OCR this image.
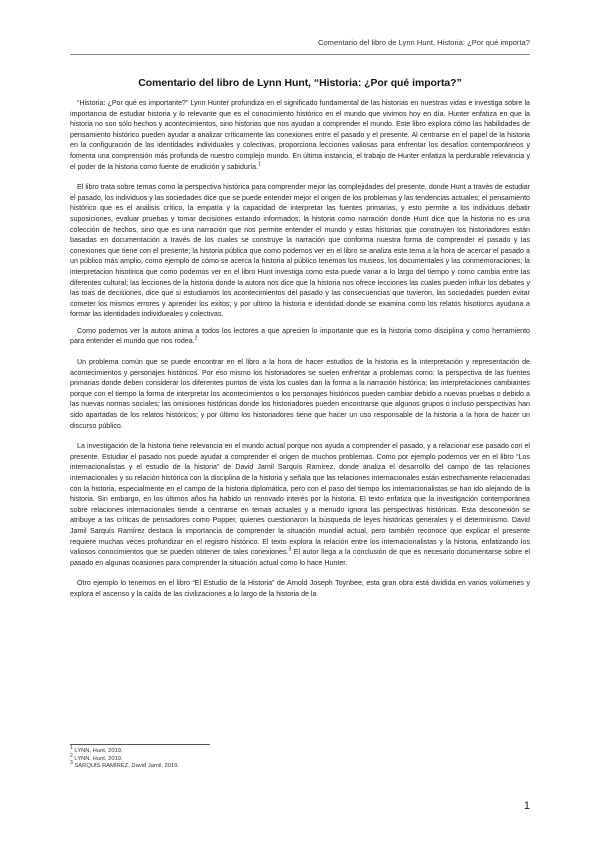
Comentario del libro de Lynn Hunt, Historia: ¿Por qué importa?
Comentario del libro de Lynn Hunt, “Historia: ¿Por qué importa?”

“Historia: ¿Por qué es importante?” Lynn Hunter profundiza en el significado fundamental de las historias en nuestras vidas e investiga sobre la importancia de estudiar historia y lo relevante que es el conocimiento histórico en el mundo que vivimos hoy en día. Hunter enfatiza en que la historia no son sólo hechos y acontecimientos, sino historias que nos ayudan a comprender el mundo. Este libro explora cómo las habilidades de pensamiento histórico pueden ayudar a analizar críticamente las conexiones entre el pasado y el presente. Al centrarse en el papel de la historia en la configuración de las identidades individuales y colectivas, proporciona lecciones valiosas para enfrentar los desafíos contemporáneos y fomenta una comprensión más profunda de nuestro complejo mundo. En última instancia, el trabajo de Hunter enfatiza la perdurable relevancia y el poder de la historia como fuente de erudición y sabiduría.$^1$

El libro trata sobre temas como la perspectiva histórica para comprender mejor las complejidades del presente, donde Hunt a través de estudiar el pasado, los individuos y las sociedades dice que se puede entender mejor el origen de los problemas y las tendencias actuales; el pensamiento histórico que es el análisis crítico, la empatía y la capacidad de interpretar las fuentes primarias, y esto permite a los individuos debatir suposiciones, evaluar pruebas y tomar decisiones estando informados; la historia como narración donde Hunt dice que la historia no es una colección de hechos, sino que es una narración que nos permite entender el mundo y estas historias que construyen los historiadores están basadas en documentación a través de los cuales se construye la narración que conforma nuestra forma de comprender el pasado y las conexiones que tiene con el presente; la historia pública que como podemos ver en el libro se analiza este tema a la hora de acercar el pasado a un público más amplio, como ejemplo de cómo se acerca la historia al público tenemos los museos, los documentales y las conmemoraciones; la interpretacion hisotirica que como podemos ver en el libro Hunt investiga como esta puede variar a lo largo del tiempo y como cambia entre las diferentes cultural; las lecciones de la historia donde la autora nos dice que la historia nos ofrece lecciones las cuales pueden influir los debates y las toas de decisiones, dice que si estudiamos los acontecimientos del pasado y las consecuencias que tuvieron, las sociedades pueden evitar cometer los mismos errores y aprender los exitos; y por ultimo la historia e identidad donde se examina como los relatos hisotiorcs ayudana a formar las identidades individueales y colectivas.

Como podemos ver la autora anima a todos los lectores a que aprecien lo importante que es la historia como disciplina y como herramiento para entender el mundo que nos rodea.$^2$

Un problema común que se puede encontrar en el libro a la hora de hacer estudios de la historia es la interpretación y representación de acontecimientos y personajes históricos. Por eso mismo los historiadores se suelen enfrentar a problemas como: la perspectiva de las fuentes primarias donde deben considerar los diferentes puntos de vista los cuales dan la forma a la narración histórica; las interpretaciones cambiantes porque con el tiempo la forma de interpretar los acontecimientos o los personajes históricos pueden cambiar debido a nuevas pruebas o debido a las nuevas normas sociales; las omisiones históricas donde los historiadores pueden encontrarse que algunos grupos o incluso perspectivas han sido apartadas de los relatos históricos; y por último los historiadores tiene que hacer un uso responsable de la historia a la hora de hacer un discurso público.

La investigación de la historia tiene relevancia en el mundo actual porque nos ayuda a comprender el pasado, y a relacionar ese pasado con el presente. Estudiar el pasado nos puede ayudar a comprender el origen de muchos problemas. Como por ejemplo podemos ver en el libro “Los internacionalistas y el estudio de la historia” de David Jamil Sarquís Ramírez, donde analiza el desarrollo del campo de las relaciones internacionales y su relación histórica con la disciplina de la historia y señala que las relaciones internacionales están estrechamente relacionadas con la historia, especialmente en el campo de la historia diplomática, pero con el paso del tiempo los internacionalistas se han ido alejando de la historia. Sin embargo, en los últimos años ha habido un renovado interés por la historia. El texto enfatiza que la investigación contemporánea sobre relaciones internacionales tiende a centrarse en temas actuales y a menudo ignora las perspectivas históricas. Esta desconexión se atribuye a las críticas de pensadores como Popper, quienes cuestionaron la búsqueda de leyes históricas generales y el determinismo. David Jamil Sarquís Ramírez destaca la importancia de comprender la situación mundial actual, pero también reconoce que explicar el presente requiere muchas veces profundizar en el registro histórico. El texto explora la relación entre los internacionalistas y la historia, enfatizando los valiosos conocimientos que se pueden obtener de tales conexiones.$^3$ El autor llega a la conclusión de que es necesario documentarse sobre el pasado en algunas ocasiones para comprender la situación actual como lo hace Hunter.

Otro ejemplo lo tenemos en el libro “El Estudio de la Historia” de Arnold Joseph Toynbee, esta gran obra está dividida en varios volúmenes y explora el ascenso y la caída de las civilizaciones a lo largo de la historia de la

$^1$ LYNN, Hunt, 2019.
$^2$ LYNN, Hunt, 2019.
$^3$ SARQUÍS RAMÍREZ, David Jamil, 2019.
1
